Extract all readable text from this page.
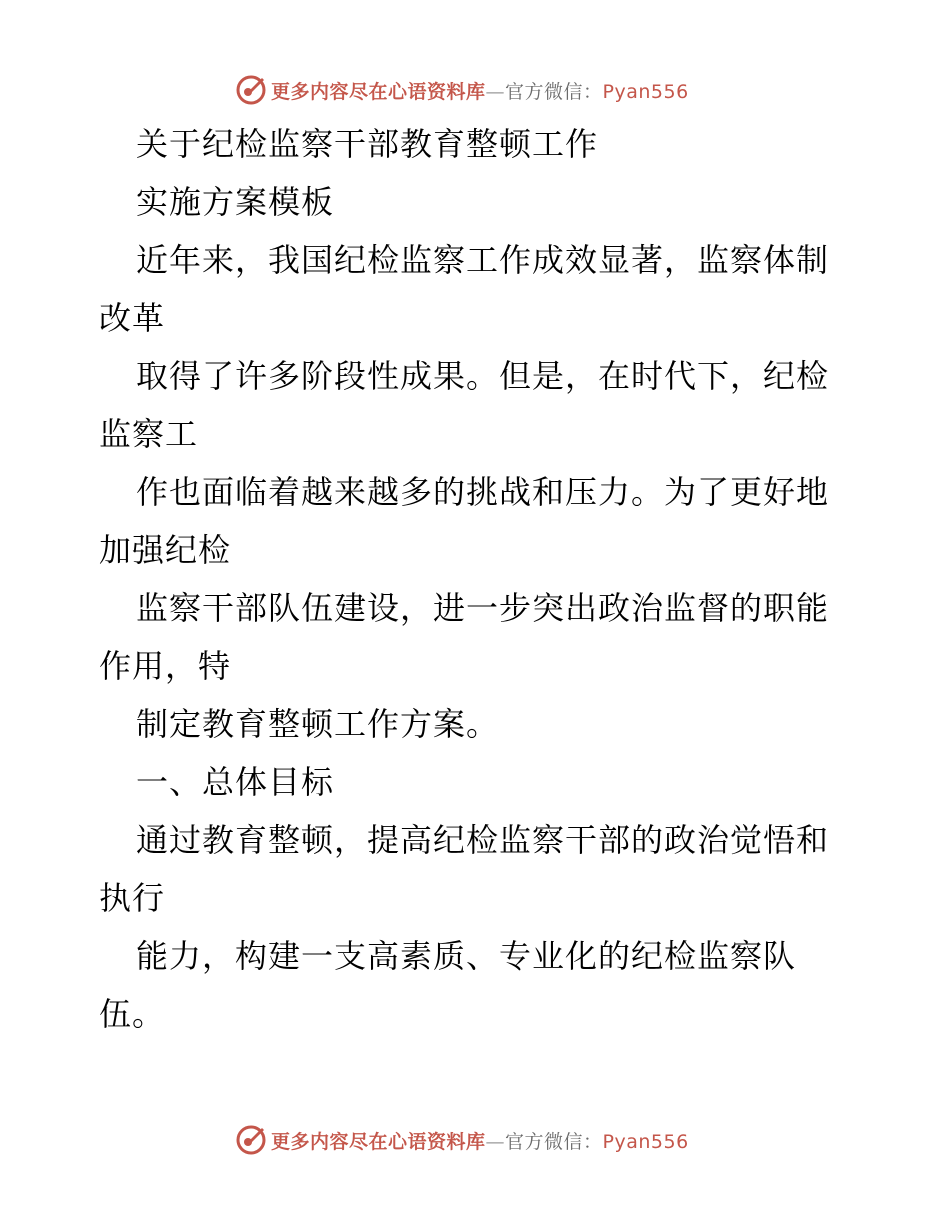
更多内容尽在心语资料库—官方微信：Pyan556
关于纪检监察干部教育整顿工作
实施方案模板
近年来，我国纪检监察工作成效显著，监察体制
改革
取得了许多阶段性成果。但是，在时代下，纪检
监察工
作也面临着越来越多的挑战和压力。为了更好地
加强纪检
监察干部队伍建设，进一步突出政治监督的职能
作用，特
制定教育整顿工作方案。
一、总体目标
通过教育整顿，提高纪检监察干部的政治觉悟和
执行
能力，构建一支高素质、专业化的纪检监察队
伍。
更多内容尽在心语资料库—官方微信：Pyan556
